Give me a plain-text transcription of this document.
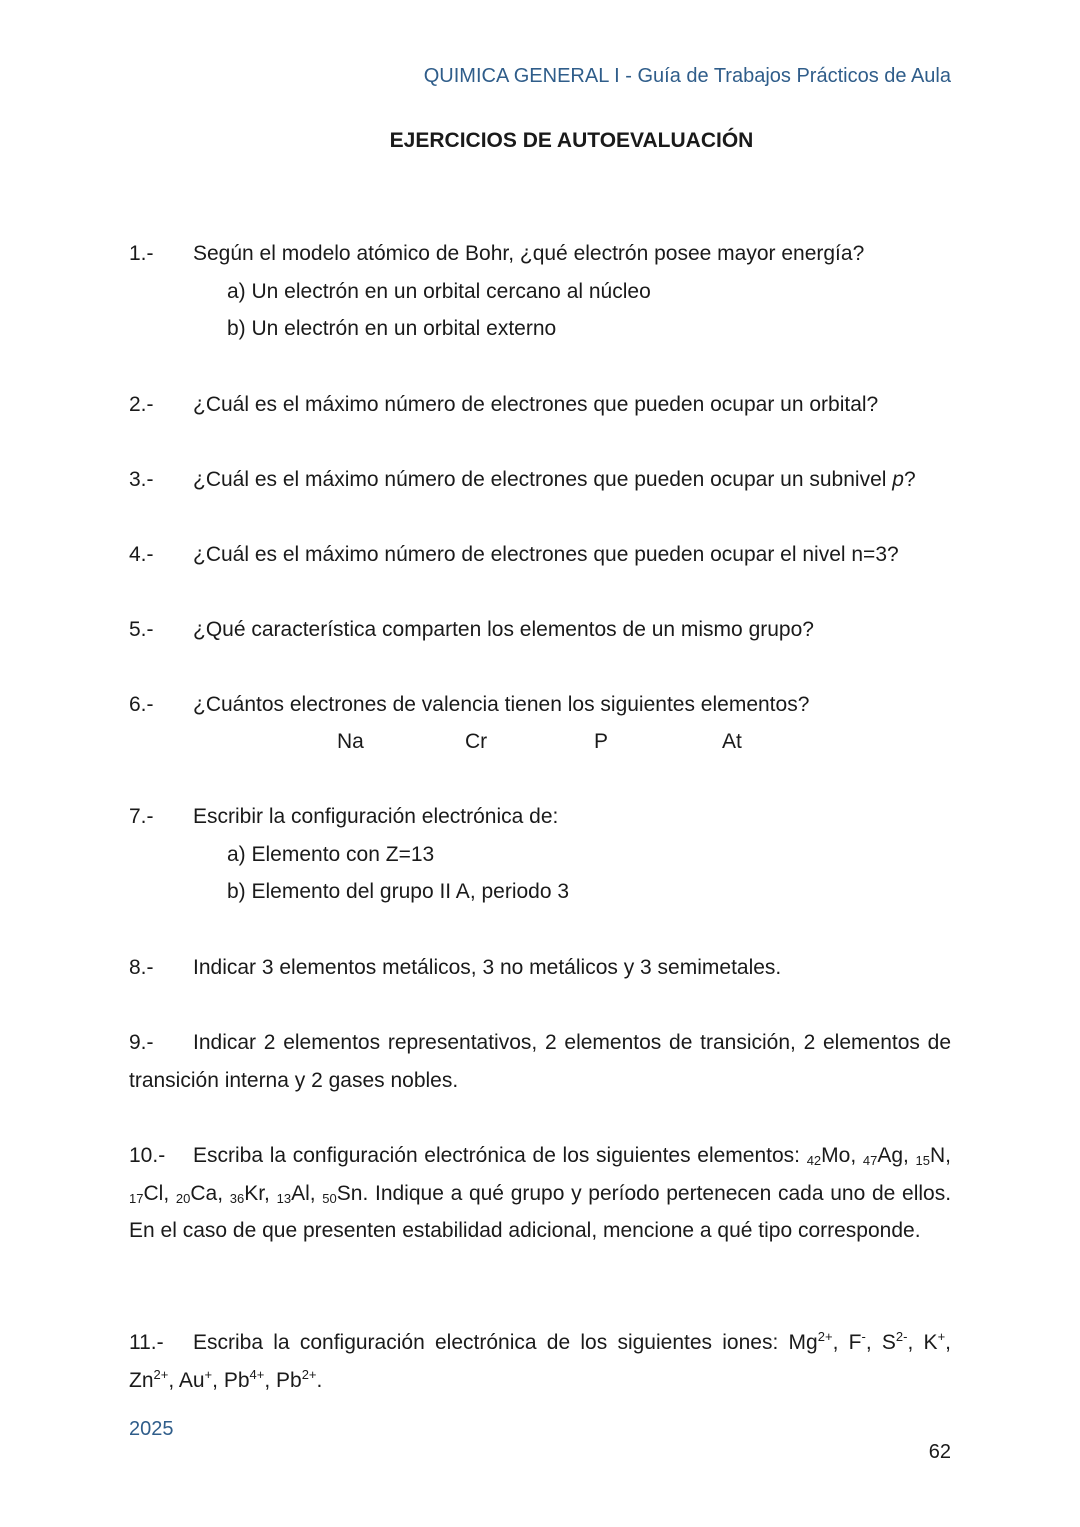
QUIMICA GENERAL I - Guía de Trabajos Prácticos de Aula
EJERCICIOS DE AUTOEVALUACIÓN
1.- Según el modelo atómico de Bohr, ¿qué electrón posee mayor energía?
a) Un electrón en un orbital cercano al núcleo
b) Un electrón en un orbital externo
2.- ¿Cuál es el máximo número de electrones que pueden ocupar un orbital?
3.- ¿Cuál es el máximo número de electrones que pueden ocupar un subnivel p?
4.- ¿Cuál es el máximo número de electrones que pueden ocupar el nivel n=3?
5.- ¿Qué característica comparten los elementos de un mismo grupo?
6.- ¿Cuántos electrones de valencia tienen los siguientes elementos?
Na	Cr	P	At
7.- Escribir la configuración electrónica de:
a) Elemento con Z=13
b) Elemento del grupo II A, periodo 3
8.- Indicar 3 elementos metálicos, 3 no metálicos y 3 semimetales.
9.- Indicar 2 elementos representativos, 2 elementos de transición, 2 elementos de transición interna y 2 gases nobles.
10.- Escriba la configuración electrónica de los siguientes elementos: $_{42}$Mo, $_{47}$Ag, $_{15}$N, $_{17}$Cl, $_{20}$Ca, $_{36}$Kr, $_{13}$Al, $_{50}$Sn. Indique a qué grupo y período pertenecen cada uno de ellos. En el caso de que presenten estabilidad adicional, mencione a qué tipo corresponde.
11.- Escriba la configuración electrónica de los siguientes iones: $Mg^{2+}$, F-, $S^{2-}$, K+, $Zn^{2+}$, Au+, $Pb^{4+}$, $Pb^{2+}$.
2025
62
